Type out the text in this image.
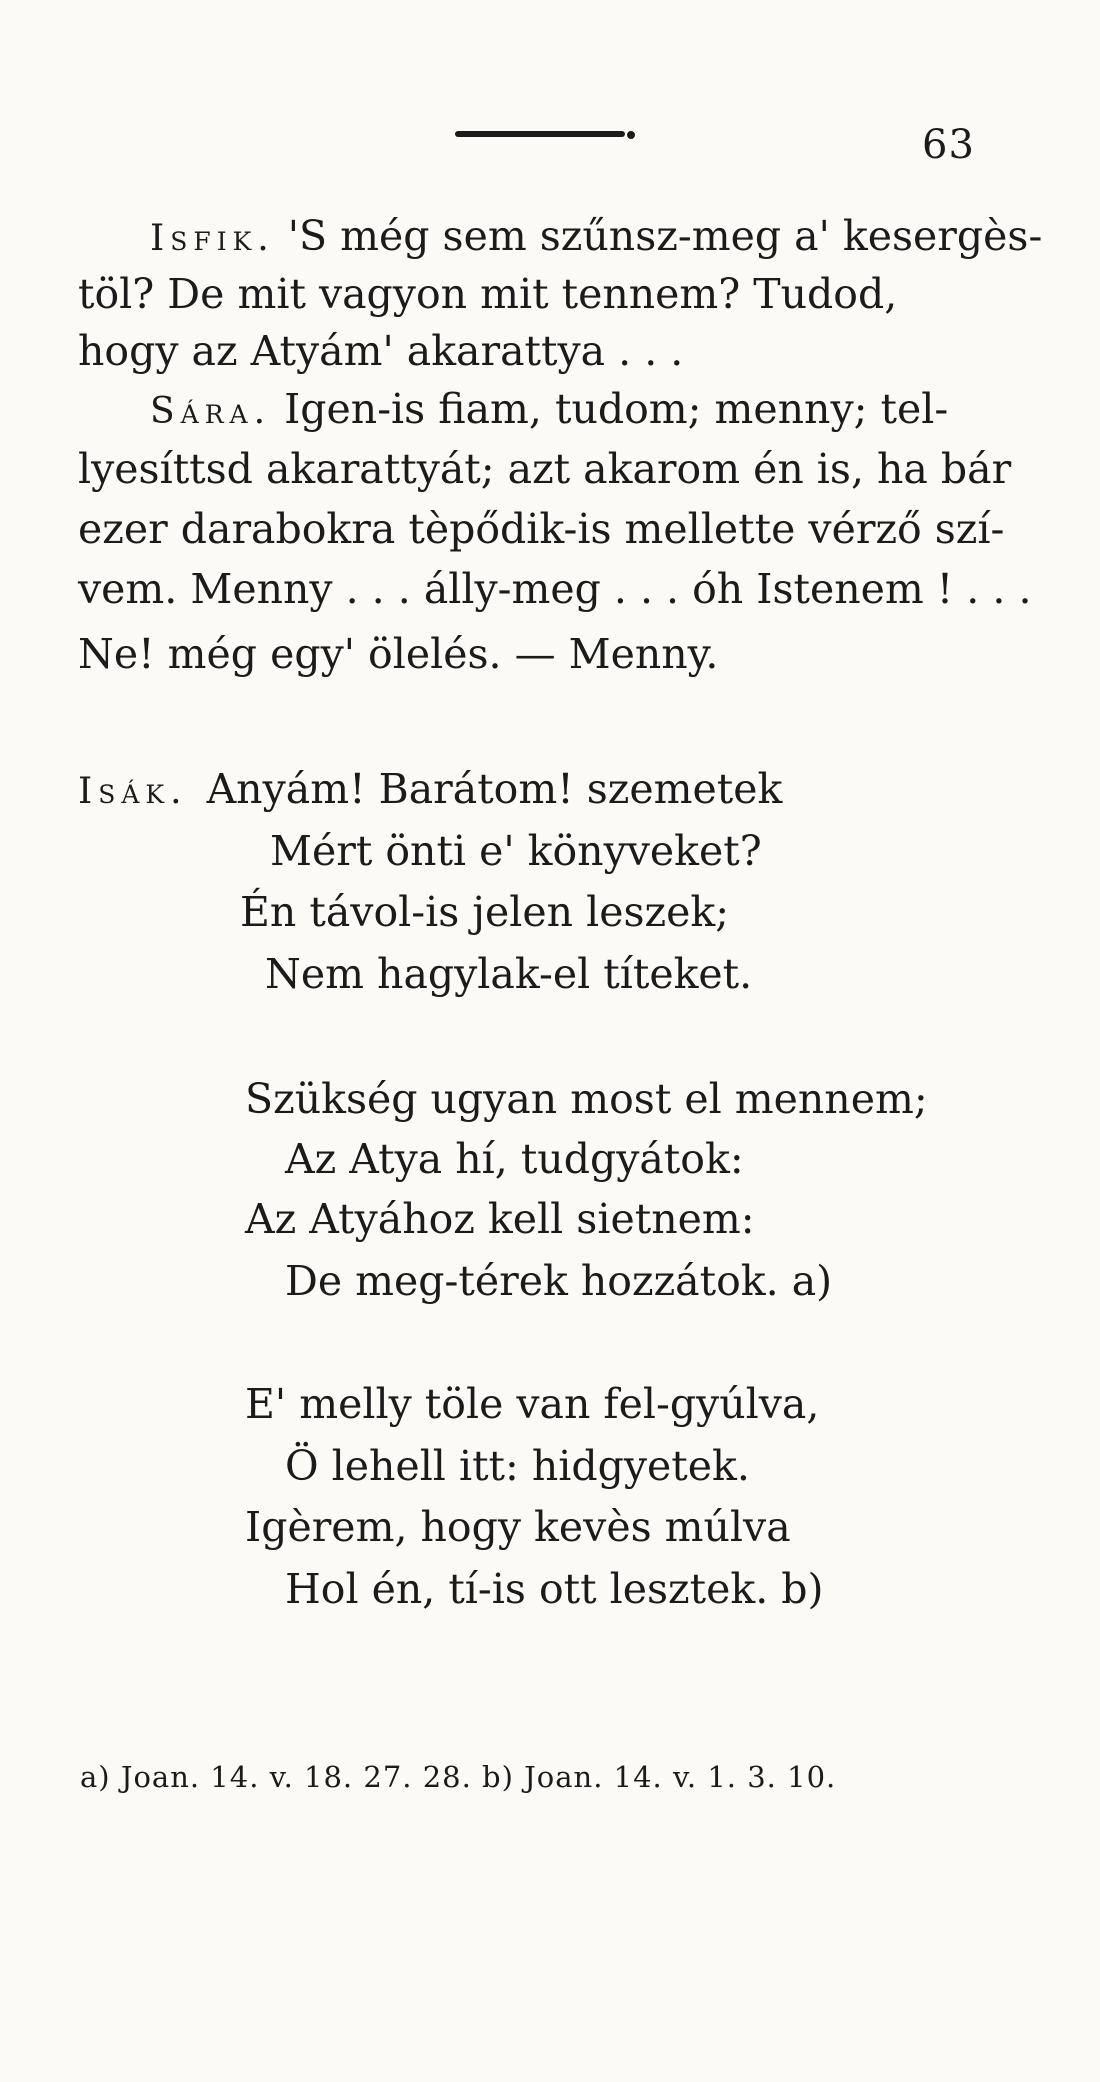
63
Isfik. 'S még sem szűnsz-meg a' kesergès-
töl? De mit vagyon mit tennem? Tudod,
hogy az Atyám' akarattya . . .
Sára. Igen-is fiam, tudom; menny; tel-
lyesíttsd akarattyát; azt akarom én is, ha bár
ezer darabokra tèpődik-is mellette vérző szí-
vem. Menny . . . álly-meg . . . óh Istenem ! . . .
Ne! még egy' ölelés. — Menny.
Isák. Anyám! Barátom! szemetek
Mért önti e' könyveket?
Én távol-is jelen leszek;
Nem hagylak-el títeket.
Szükség ugyan most el mennem;
Az Atya hí, tudgyátok:
Az Atyához kell sietnem:
De meg-térek hozzátok. a)
E' melly töle van fel-gyúlva,
Ö lehell itt: hidgyetek.
Igèrem, hogy kevès múlva
Hol én, tí-is ott lesztek. b)
a) Joan. 14. v. 18. 27. 28. b) Joan. 14. v. 1. 3. 10.
